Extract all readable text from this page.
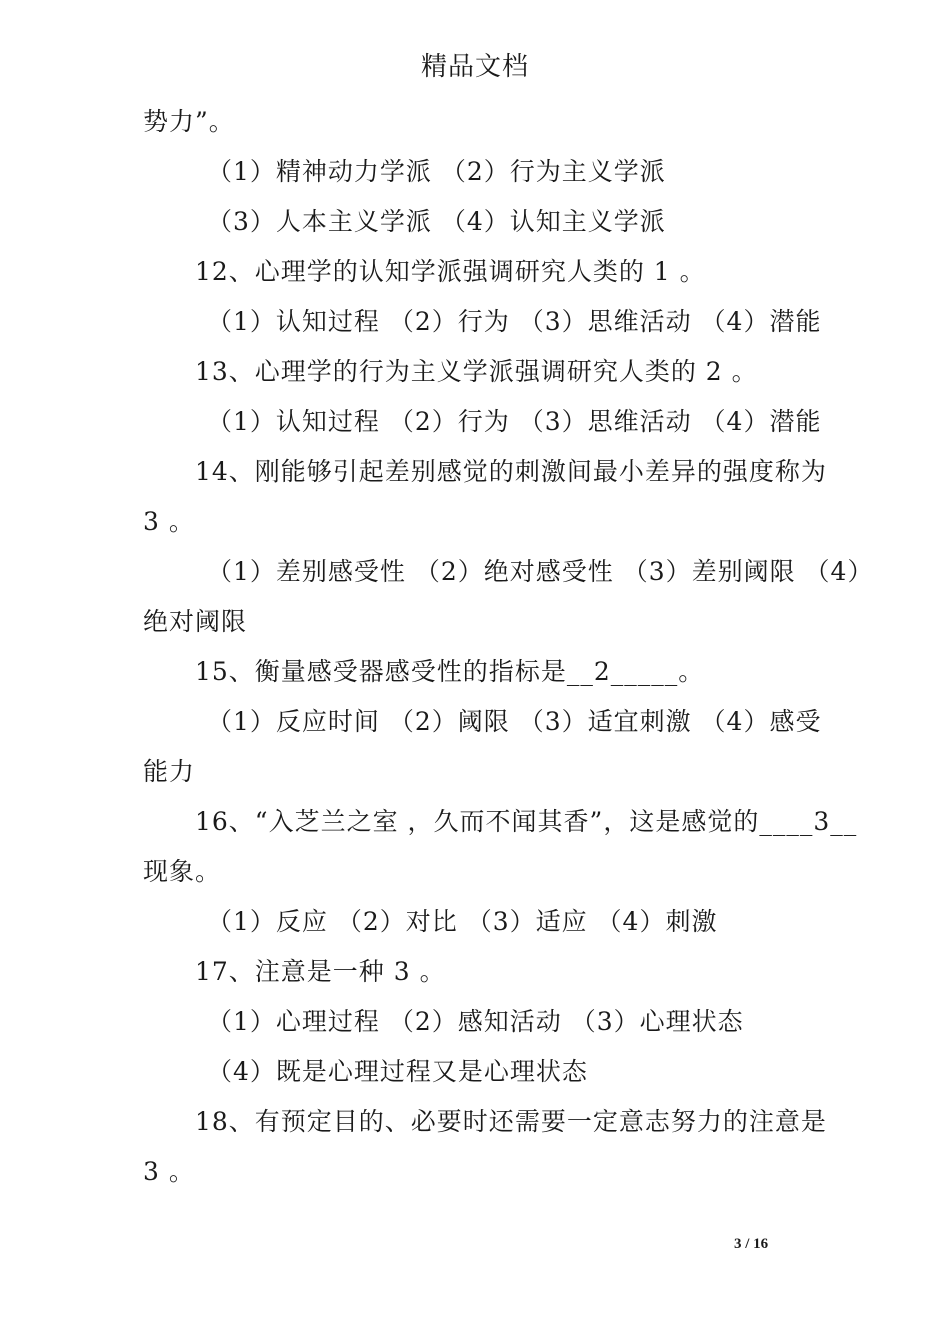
精品文档
势力”。
（1）精神动力学派 （2）行为主义学派
（3）人本主义学派 （4）认知主义学派
12、心理学的认知学派强调研究人类的 1 。
（1）认知过程 （2）行为 （3）思维活动 （4）潜能
13、心理学的行为主义学派强调研究人类的 2 。
（1）认知过程 （2）行为 （3）思维活动 （4）潜能
14、刚能够引起差别感觉的刺激间最小差异的强度称为
3 。
（1）差别感受性 （2）绝对感受性 （3）差别阈限 （4）
绝对阈限
15、衡量感受器感受性的指标是__2_____。
（1）反应时间 （2）阈限 （3）适宜刺激 （4）感受
能力
16、“入芝兰之室 ，久而不闻其香”，这是感觉的____3__
现象。
（1）反应 （2）对比 （3）适应 （4）刺激
17、注意是一种 3 。
（1）心理过程 （2）感知活动 （3）心理状态
（4）既是心理过程又是心理状态
18、有预定目的、必要时还需要一定意志努力的注意是
3 。
3 / 16
